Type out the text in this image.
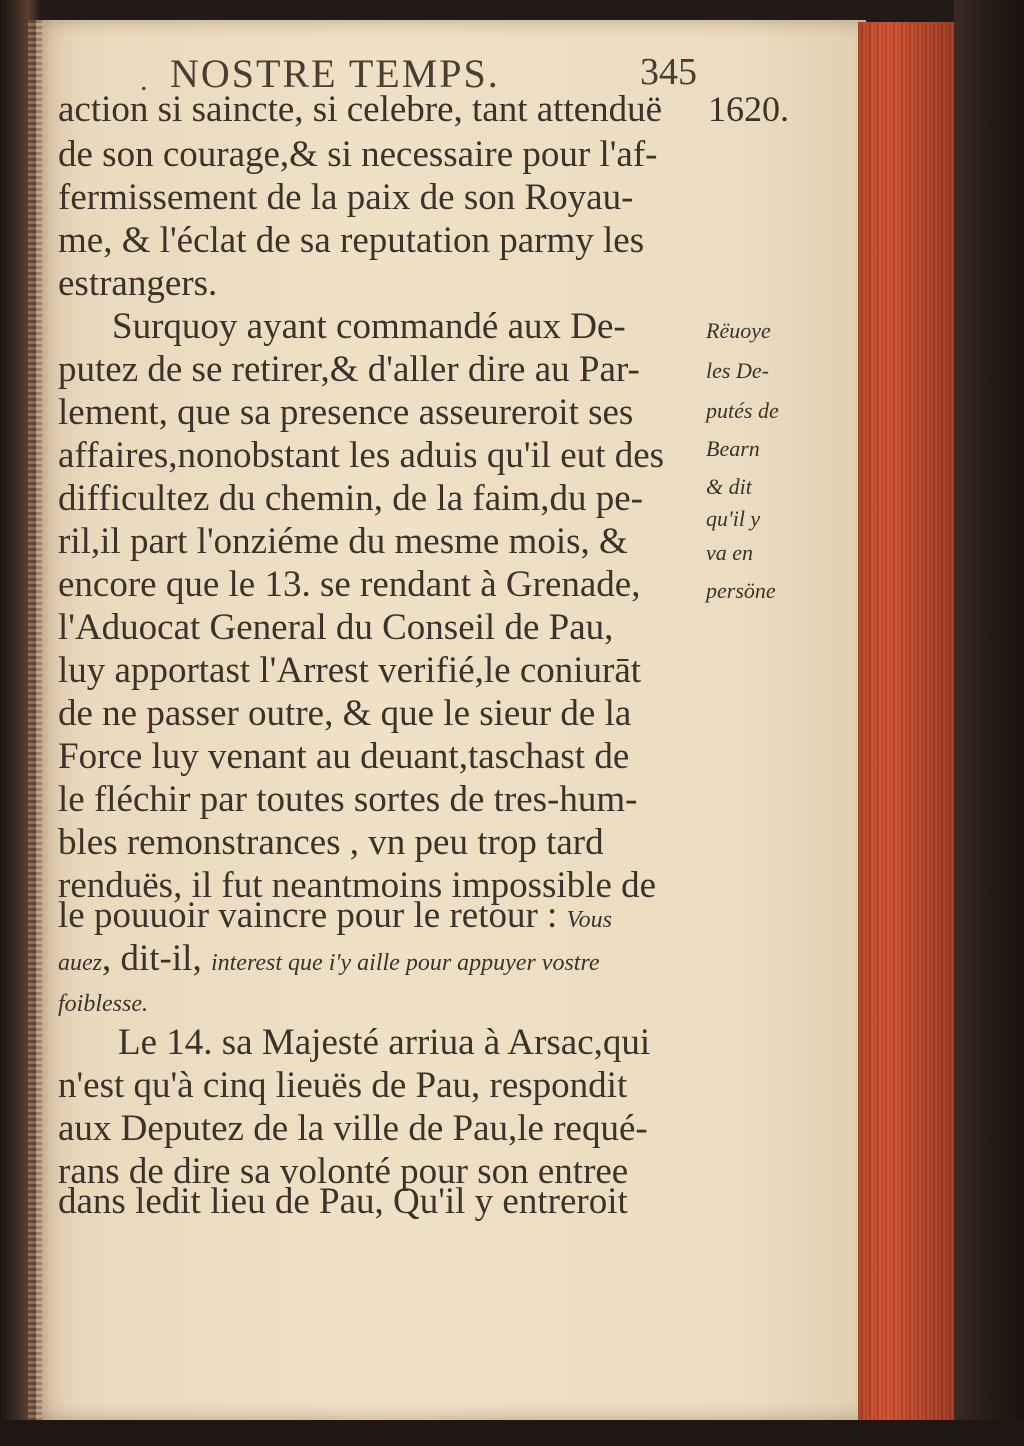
. NOSTRE TEMPS.	345
1620.
action si saincte, si celebre, tant attenduë
de son courage,& si necessaire pour l'af-
fermissement de la paix de son Royau-
me, & l'éclat de sa reputation parmy les
estrangers.
Surquoy ayant commandé aux De-
putez de se retirer,& d'aller dire au Par-
lement, que sa presence asseureroit ses
affaires,nonobstant les aduis qu'il eut des
difficultez du chemin, de la faim,du pe-
ril,il part l'onziéme du mesme mois, &
encore que le 13. se rendant à Grenade,
l'Aduocat General du Conseil de Pau,
luy apportast l'Arrest verifié,le coniurāt
de ne passer outre, & que le sieur de la
Force luy venant au deuant,taschast de
le fléchir par toutes sortes de tres-hum-
bles remonstrances , vn peu trop tard
renduës, il fut neantmoins impossible de
le pouuoir vaincre pour le retour : Vous
auez, dit-il, interest que i'y aille pour appuyer vostre
foiblesse.
Le 14. sa Majesté arriua à Arsac,qui
n'est qu'à cinq lieuës de Pau, respondit
aux Deputez de la ville de Pau,le requé-
rans de dire sa volonté pour son entree
dans ledit lieu de Pau, Qu'il y entreroit
Rëuoye
les De-
putés de
Bearn
& dit
qu'il y
va en
persöne
